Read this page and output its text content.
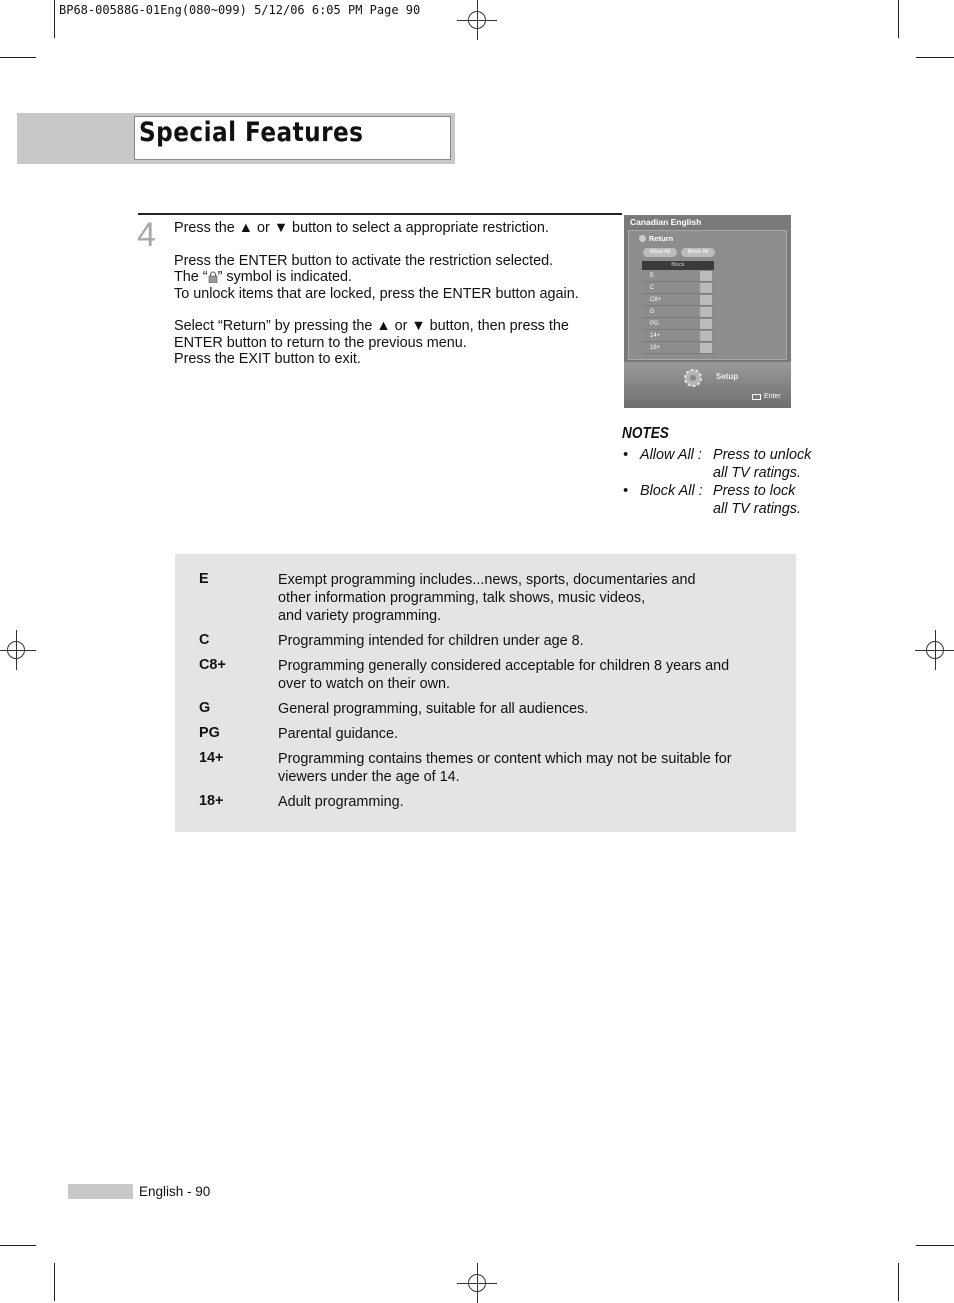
BP68-00588G-01Eng(080~099) 5/12/06 6:05 PM Page 90
Special Features
4 Press the ▲ or ▼ button to select a appropriate restriction.

Press the ENTER button to activate the restriction selected.

The “ ” symbol is indicated.

To unlock items that are locked, press the ENTER button again.

Select “Return” by pressing the ▲ or ▼ button, then press the

ENTER button to return to the previous menu.

Press the EXIT button to exit.

Canadian English
Return
Allow All	Block All
Block
E
C
C8+
G
PG
14+
18+
Setup
Enter
NOTES
• Allow All : Press to unlock
all TV ratings.
• Block All : Press to lock
all TV ratings.
E	Exempt programming includes...news, sports, documentaries and
other information programming, talk shows, music videos,
and variety programming.
C	Programming intended for children under age 8.
C8+	Programming generally considered acceptable for children 8 years and
over to watch on their own.
G	General programming, suitable for all audiences.
PG	Parental guidance.
14+	Programming contains themes or content which may not be suitable for
viewers under the age of 14.
18+	Adult programming.
English - 90
